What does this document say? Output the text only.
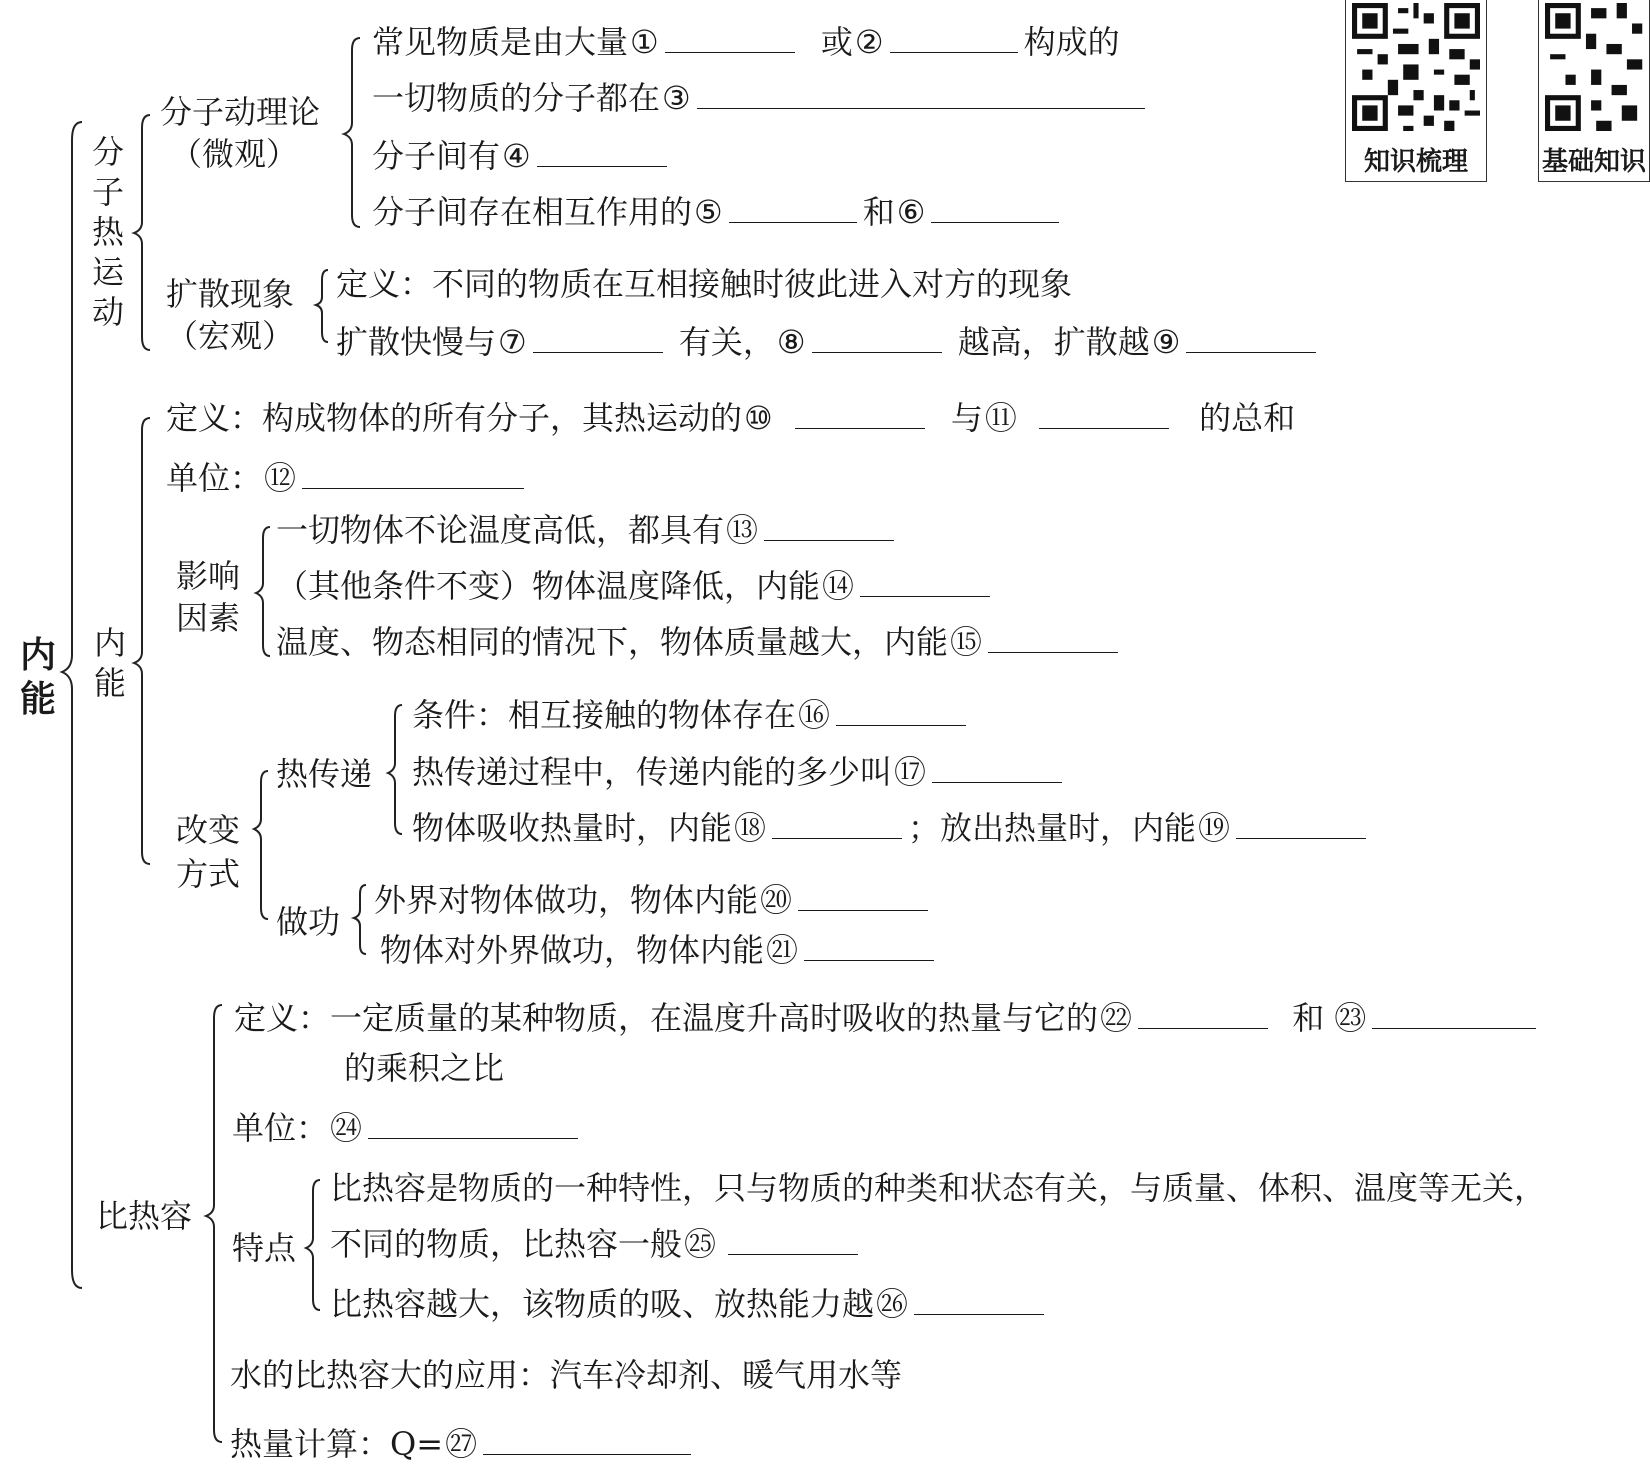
知识梳理	基础知识
内能
分子热运动
分子动理论
（微观）
常见物质是由大量①	或②	构成的
一切物质的分子都在③
分子间有④
分子间存在相互作用的⑤	和⑥
扩散现象
（宏观）
定义：不同的物质在互相接触时彼此进入对方的现象
扩散快慢与⑦	有关，⑧	越高，扩散越⑨
内能
定义：构成物体的所有分子，其热运动的⑩	与⑪	的总和
单位：⑫
影响因素
一切物体不论温度高低，都具有⑬
（其他条件不变）物体温度降低，内能⑭
温度、物态相同的情况下，物体质量越大，内能⑮
改变方式
热传递
条件：相互接触的物体存在⑯
热传递过程中，传递内能的多少叫⑰
物体吸收热量时，内能⑱	；放出热量时，内能⑲
做功
外界对物体做功，物体内能⑳
物体对外界做功，物体内能㉑
比热容
定义：一定质量的某种物质，在温度升高时吸收的热量与它的㉒	和 ㉓
的乘积之比
单位：㉔
特点
比热容是物质的一种特性，只与物质的种类和状态有关，与质量、体积、温度等无关，
不同的物质，比热容一般㉕
比热容越大，该物质的吸、放热能力越㉖
水的比热容大的应用：汽车冷却剂、暖气用水等
热量计算：Q=㉗
